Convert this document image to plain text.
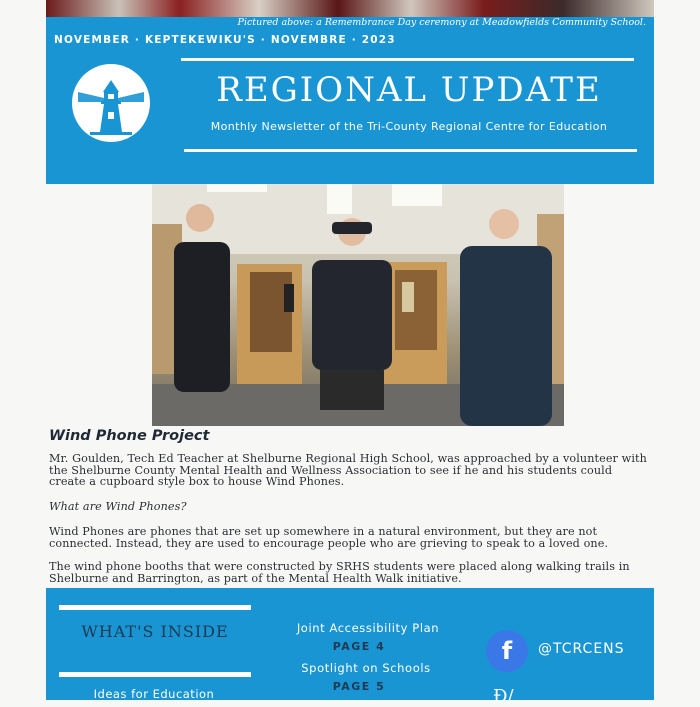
Pictured above: a Remembrance Day ceremony at Meadowfields Community School.
NOVEMBER · KEPTEKEWIKU'S · NOVEMBRE · 2023
REGIONAL UPDATE
Monthly Newsletter of the Tri-County Regional Centre for Education
Wind Phone Project

Mr. Goulden, Tech Ed Teacher at Shelburne Regional High School, was approached by a volunteer with the Shelburne County Mental Health and Wellness Association to see if he and his students could create a cupboard style box to house Wind Phones.

What are Wind Phones?

Wind Phones are phones that are set up somewhere in a natural environment, but they are not connected. Instead, they are used to encourage people who are grieving to speak to a loved one.

The wind phone booths that were constructed by SRHS students were placed along walking trails in Shelburne and Barrington, as part of the Mental Health Walk initiative.

WHAT'S INSIDE
Ideas for Education
Joint Accessibility Plan
PAGE 4
Spotlight on Schools
PAGE 5
f	@TCRCENS
Đ/
